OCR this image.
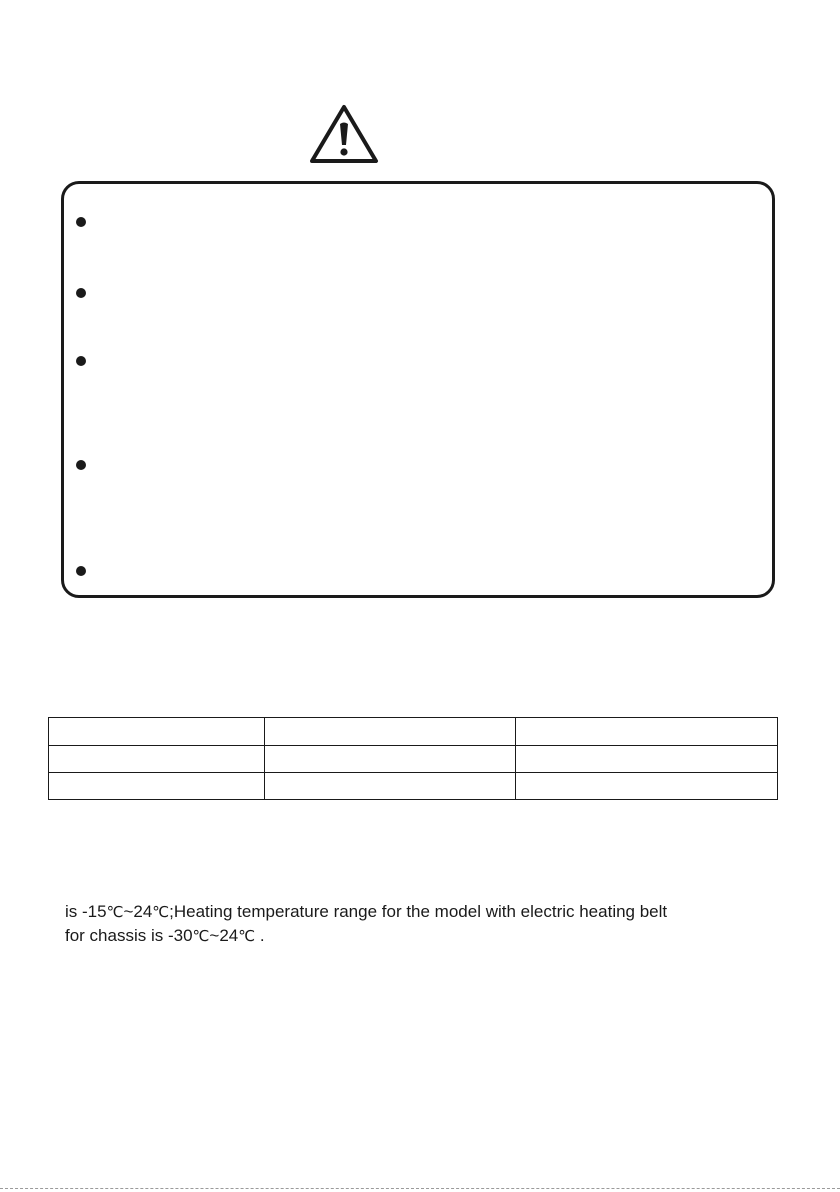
is -15℃~24℃;Heating temperature range for the model with electric heating belt
for chassis is -30℃~24℃ .
